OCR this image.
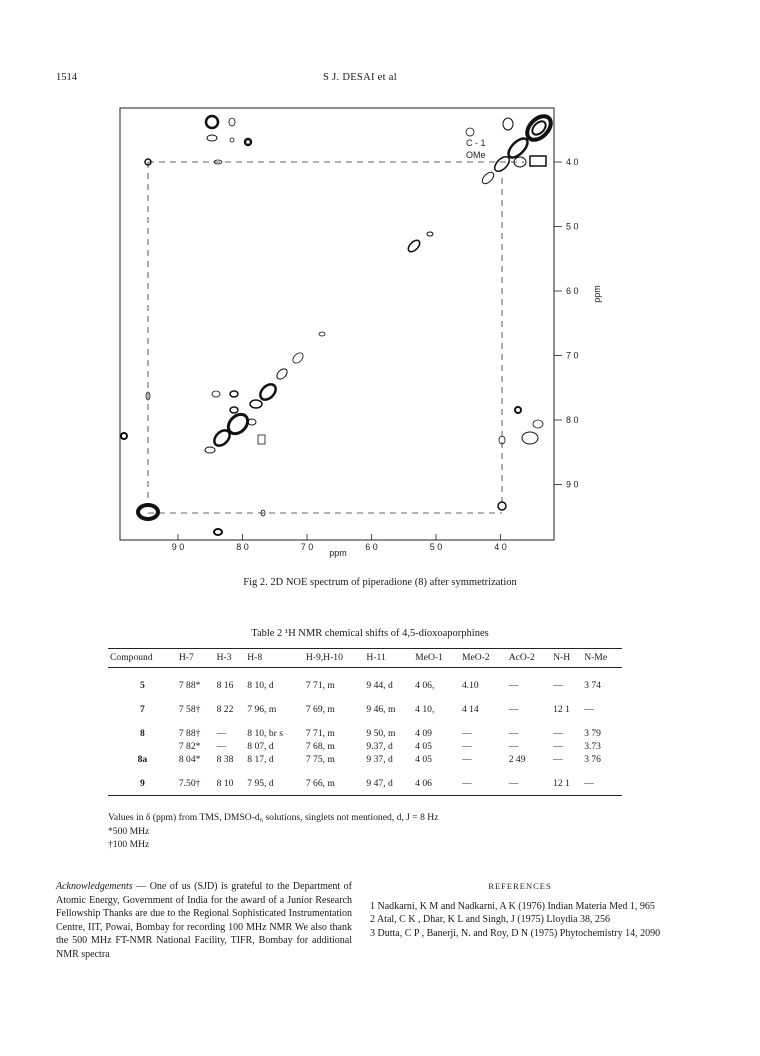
1514	S J. DESAI et al
C - 1
OMe
4 0
5 0
6 0
7 0
8 0
9 0
9 0	8 0	7 0	6 0	5 0	4 0
ppm
ppm
Fig 2. 2D NOE spectrum of piperadione (8) after symmetrization
Table 2 ¹H NMR chemical shifts of 4,5-dioxoaporphines
Compound	H-7	H-3	H-8	H-9,H-10	H-11	MeO-1	MeO-2	AcO-2	N-H	N-Me
5	7 88*	8 16	8 10, d	7 71, m	9 44, d	4 06,	4.10	—	—	3 74
7	7 58†	8 22	7 96, m	7 69, m	9 46, m	4 10,	4 14	—	12 1	—
8	7 88†	—	8 10, br s	7 71, m	9 50, m	4 09	—	—	—	3 79
	7 82*	—	8 07, d	7 68, m	9.37, d	4 05	—	—	—	3.73
8a	8 04*	8 38	8 17, d	7 75, m	9 37, d	4 05	—	2 49	—	3 76
9	7.50†	8 10	7 95, d	7 66, m	9 47, d	4 06	—	—	12 1	—
Values in δ (ppm) from TMS, DMSO-d₆ solutions, singlets not mentioned, d, J = 8 Hz
*500 MHz
†100 MHz
Acknowledgements — One of us (SJD) is grateful to the Department of Atomic Energy, Government of India for the award of a Junior Research Fellowship Thanks are due to the Regional Sophisticated Instrumentation Centre, IIT, Powai, Bombay for recording 100 MHz NMR We also thank the 500 MHz FT-NMR National Facility, TIFR, Bombay for additional NMR spectra
REFERENCES
1 Nadkarni, K M and Nadkarni, A K (1976) Indian Materia Med 1, 965
2 Atal, C K , Dhar, K L and Singh, J (1975) Lloydia 38, 256
3 Dutta, C P , Banerji, N. and Roy, D N (1975) Phytochemistry 14, 2090
